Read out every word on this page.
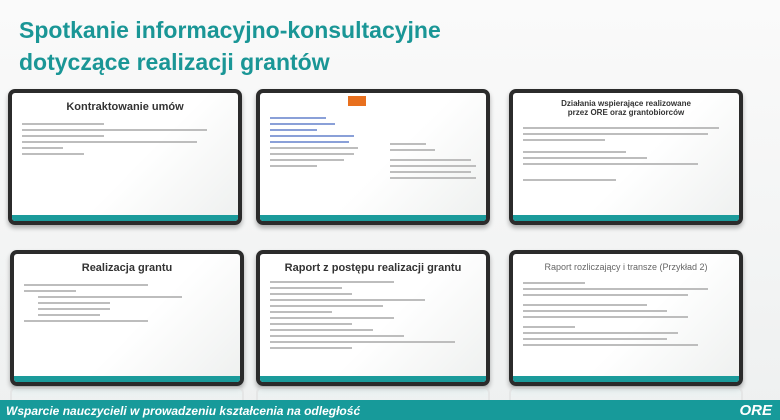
Spotkanie informacyjno-konsultacyjne
dotyczące realizacji grantów
Kontraktowanie umów	Działania wspierające realizowane przez ORE oraz grantobiorców
Realizacja grantu	Raport z postępu realizacji grantu	Raport rozliczający i transze (Przykład 2)
Wsparcie nauczycieli w prowadzeniu kształcenia na odległość	ORE
